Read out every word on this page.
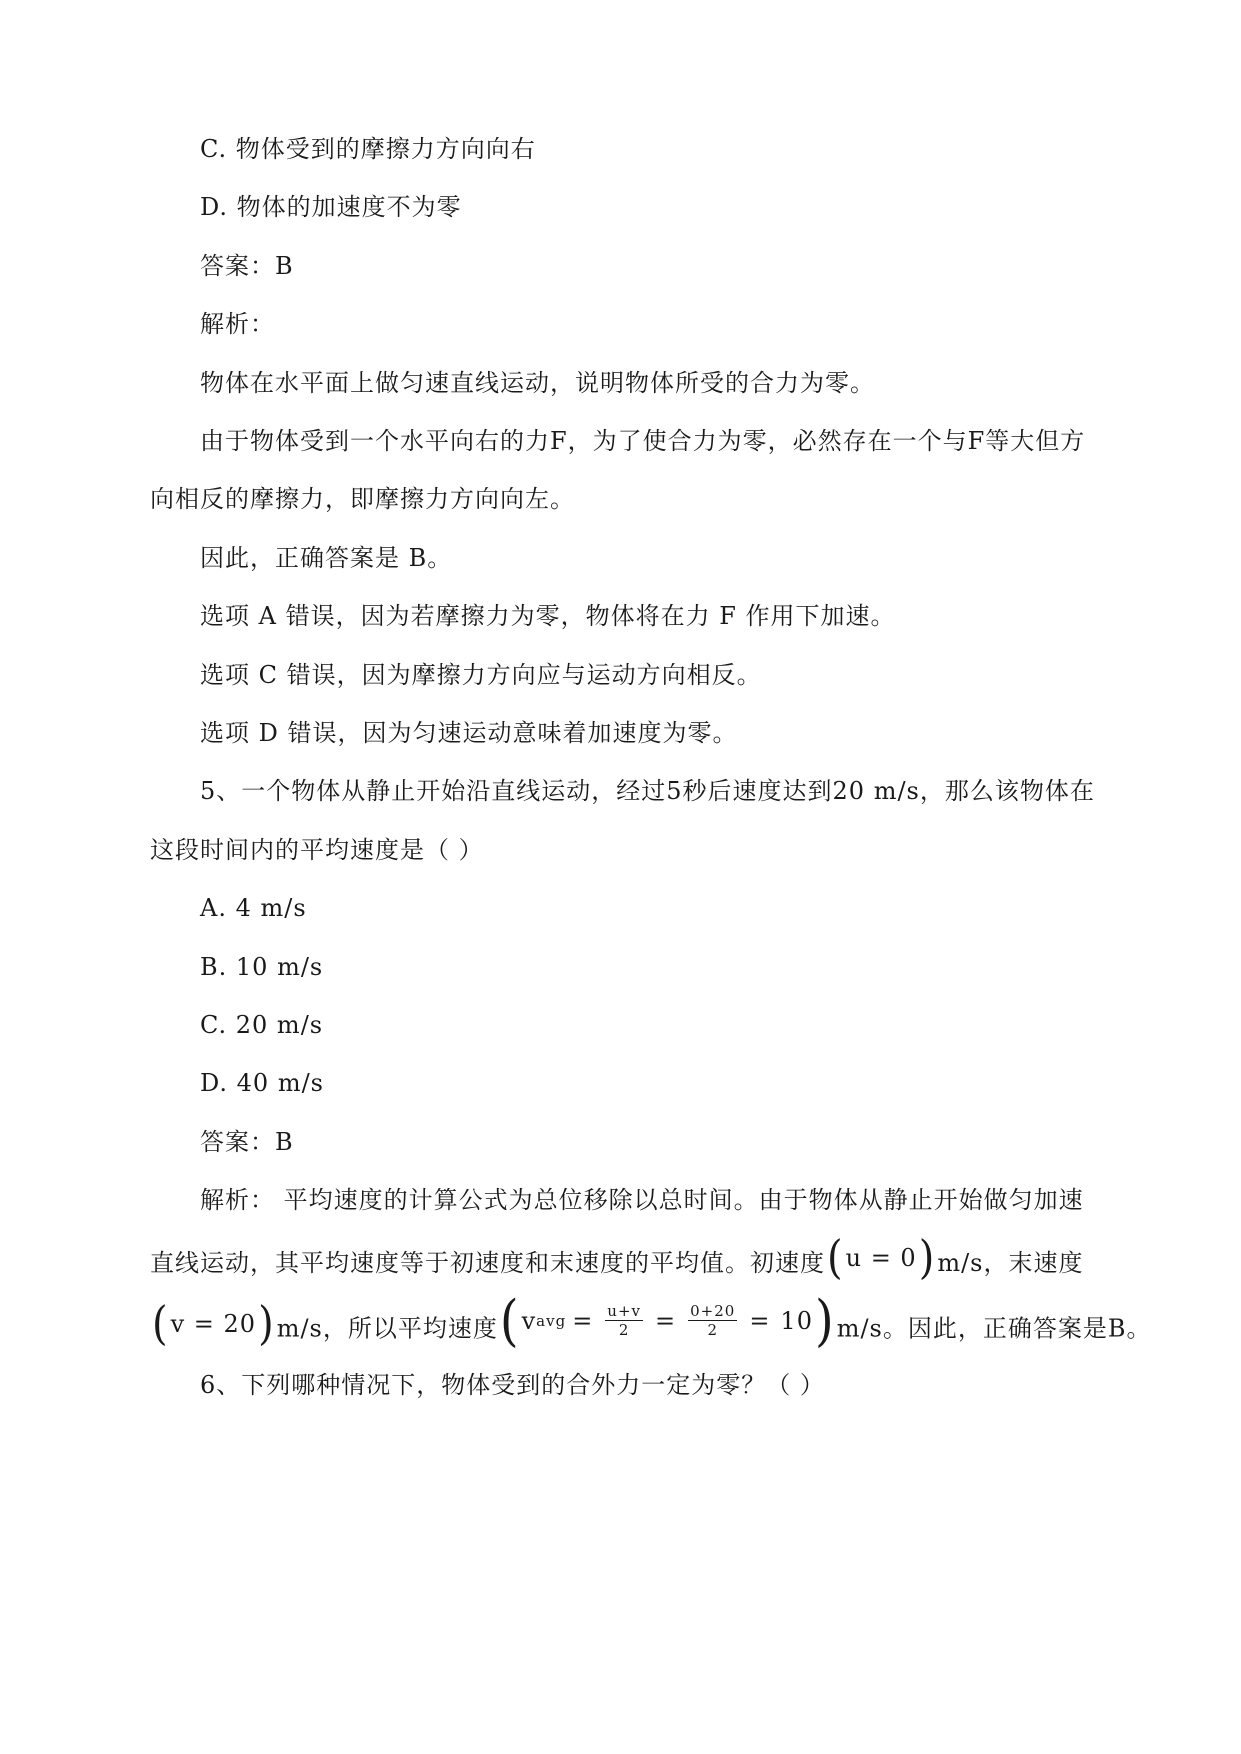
C. 物体受到的摩擦力方向向右
D. 物体的加速度不为零
答案：B
解析：
物体在水平面上做匀速直线运动，说明物体所受的合力为零。
由于物体受到一个水平向右的力F，为了使合力为零，必然存在一个与F等大但方
向相反的摩擦力，即摩擦力方向向左。
因此，正确答案是 B。
选项 A 错误，因为若摩擦力为零，物体将在力 F 作用下加速。
选项 C 错误，因为摩擦力方向应与运动方向相反。
选项 D 错误，因为匀速运动意味着加速度为零。
5、一个物体从静止开始沿直线运动，经过5秒后速度达到20 m/s，那么该物体在
这段时间内的平均速度是（ ）
A. 4 m/s
B. 10 m/s
C. 20 m/s
D. 40 m/s
答案：B
解析： 平均速度的计算公式为总位移除以总时间。由于物体从静止开始做匀加速
直线运动，其平均速度等于初速度和末速度的平均值。初速度 ( u = 0 ) m/s，末速度
( v = 20 ) m/s，所以平均速度 ( v avg = $\frac{u+v}{2} = \frac{0+20}{2} = 10$ ) m/s。因此，正确答案是B。
6、下列哪种情况下，物体受到的合外力一定为零？（ ）
